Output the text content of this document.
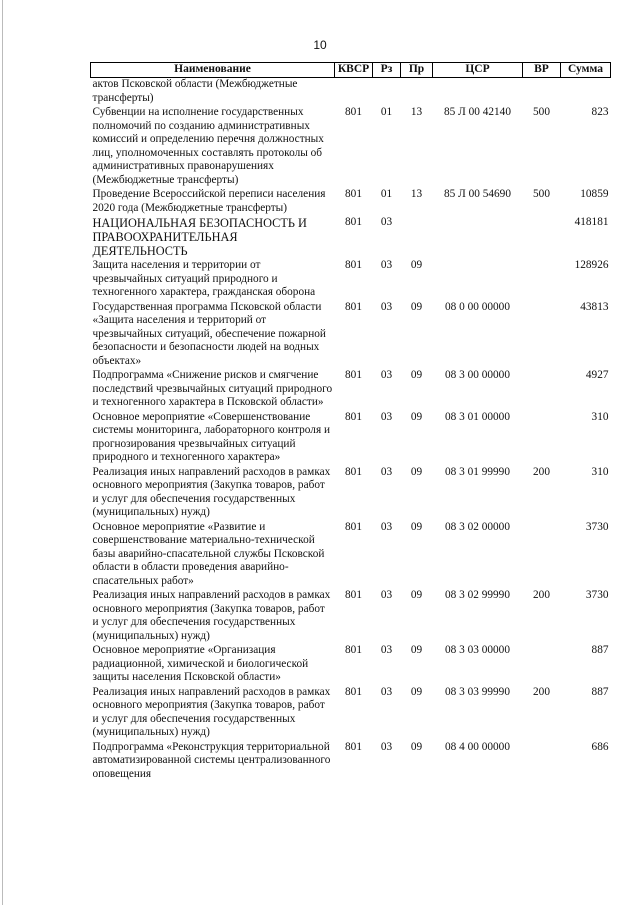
10
Наименование	КВСР	Рз	Пр	ЦСР	ВР	Сумма
актов Псковской области (Межбюджетные трансферты)						
Субвенции на исполнение государственных полномочий по созданию административных комиссий и определению перечня должностных лиц, уполномоченных составлять протоколы об административных правонарушениях (Межбюджетные трансферты)	801	01	13	85 Л 00 42140	500	823
Проведение Всероссийской переписи населения 2020 года (Межбюджетные трансферты)	801	01	13	85 Л 00 54690	500	10859
НАЦИОНАЛЬНАЯ БЕЗОПАСНОСТЬ И ПРАВООХРАНИТЕЛЬНАЯ ДЕЯТЕЛЬНОСТЬ	801	03				418181
Защита населения и территории от чрезвычайных ситуаций природного и техногенного характера, гражданская оборона	801	03	09			128926
Государственная программа Псковской области «Защита населения и территорий от чрезвычайных ситуаций, обеспечение пожарной безопасности и безопасности людей на водных объектах»	801	03	09	08 0 00 00000		43813
Подпрограмма «Снижение рисков и смягчение последствий чрезвычайных ситуаций природного и техногенного характера в Псковской области»	801	03	09	08 3 00 00000		4927
Основное мероприятие «Совершенствование системы мониторинга, лабораторного контроля и прогнозирования чрезвычайных ситуаций природного и техногенного характера»	801	03	09	08 3 01 00000		310
Реализация иных направлений расходов в рамках основного мероприятия (Закупка товаров, работ и услуг для обеспечения государственных (муниципальных) нужд)	801	03	09	08 3 01 99990	200	310
Основное мероприятие «Развитие и совершенствование материально-технической базы аварийно-спасательной службы Псковской области в области проведения аварийно-спасательных работ»	801	03	09	08 3 02 00000		3730
Реализация иных направлений расходов в рамках основного мероприятия (Закупка товаров, работ и услуг для обеспечения государственных (муниципальных) нужд)	801	03	09	08 3 02 99990	200	3730
Основное мероприятие «Организация радиационной, химической и биологической защиты населения Псковской области»	801	03	09	08 3 03 00000		887
Реализация иных направлений расходов в рамках основного мероприятия (Закупка товаров, работ и услуг для обеспечения государственных (муниципальных) нужд)	801	03	09	08 3 03 99990	200	887
Подпрограмма «Реконструкция территориальной автоматизированной системы централизованного оповещения	801	03	09	08 4 00 00000		686
